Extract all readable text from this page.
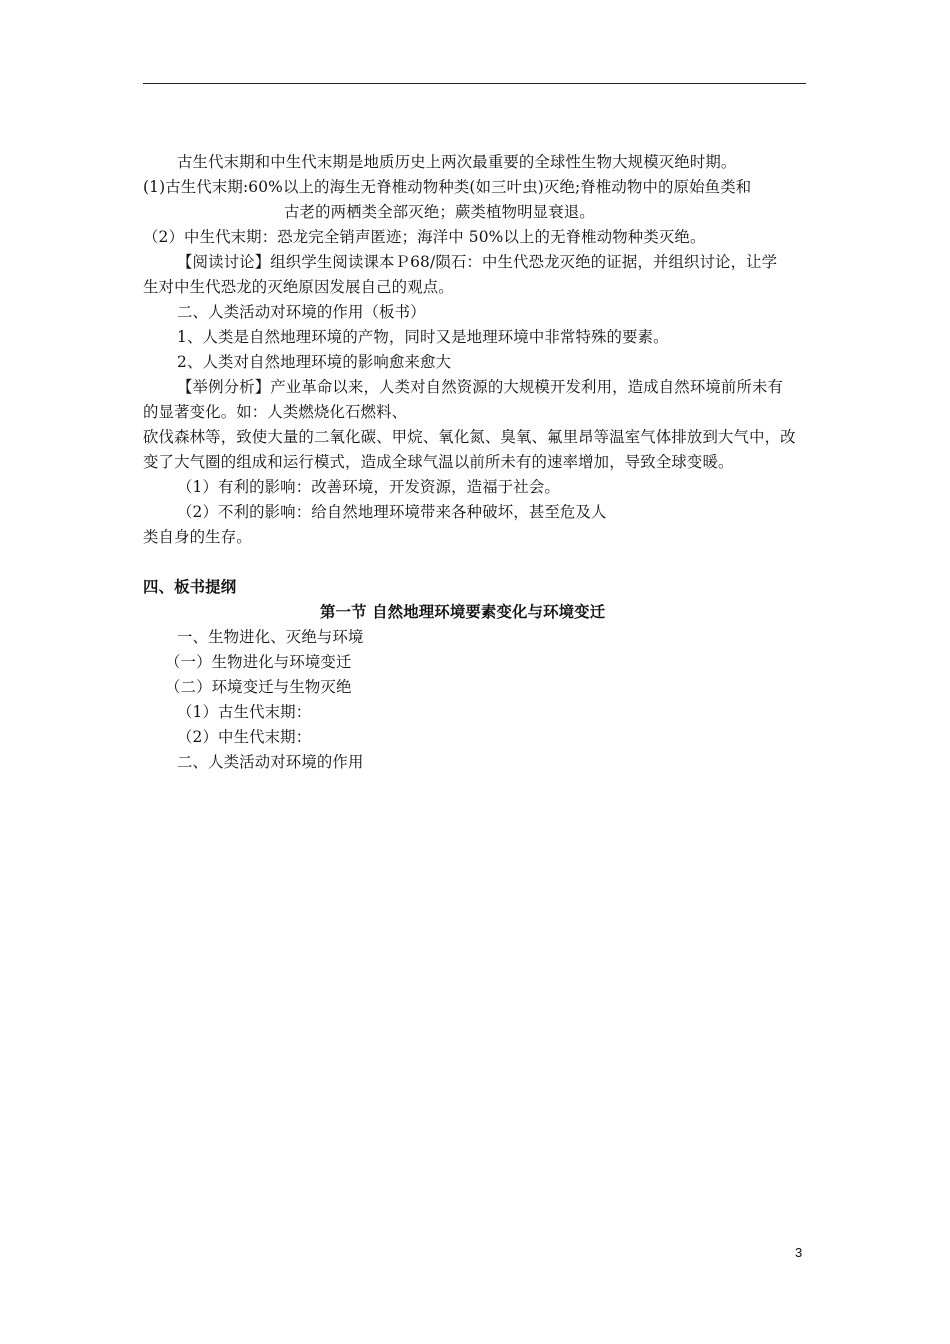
古生代末期和中生代末期是地质历史上两次最重要的全球性生物大规模灭绝时期。
(1)古生代末期:60%以上的海生无脊椎动物种类(如三叶虫)灭绝;脊椎动物中的原始鱼类和
古老的两栖类全部灭绝；蕨类植物明显衰退。
（2）中生代末期：恐龙完全销声匿迹；海洋中 50%以上的无脊椎动物种类灭绝。
【阅读讨论】组织学生阅读课本Ｐ68/陨石：中生代恐龙灭绝的证据，并组织讨论，让学
生对中生代恐龙的灭绝原因发展自己的观点。
二、人类活动对环境的作用（板书）
1、人类是自然地理环境的产物，同时又是地理环境中非常特殊的要素。
2、人类对自然地理环境的影响愈来愈大
【举例分析】产业革命以来，人类对自然资源的大规模开发利用，造成自然环境前所未有
的显著变化。如：人类燃烧化石燃料、
砍伐森林等，致使大量的二氧化碳、甲烷、氧化氮、臭氧、氟里昂等温室气体排放到大气中，改
变了大气圈的组成和运行模式，造成全球气温以前所未有的速率增加，导致全球变暖。
（1）有利的影响：改善环境，开发资源，造福于社会。
（2）不利的影响：给自然地理环境带来各种破坏，甚至危及人
类自身的生存。
四、板书提纲
第一节 自然地理环境要素变化与环境变迁
一、生物进化、灭绝与环境
（一）生物进化与环境变迁
（二）环境变迁与生物灭绝
（1）古生代末期：
（2）中生代末期：
二、人类活动对环境的作用
3
